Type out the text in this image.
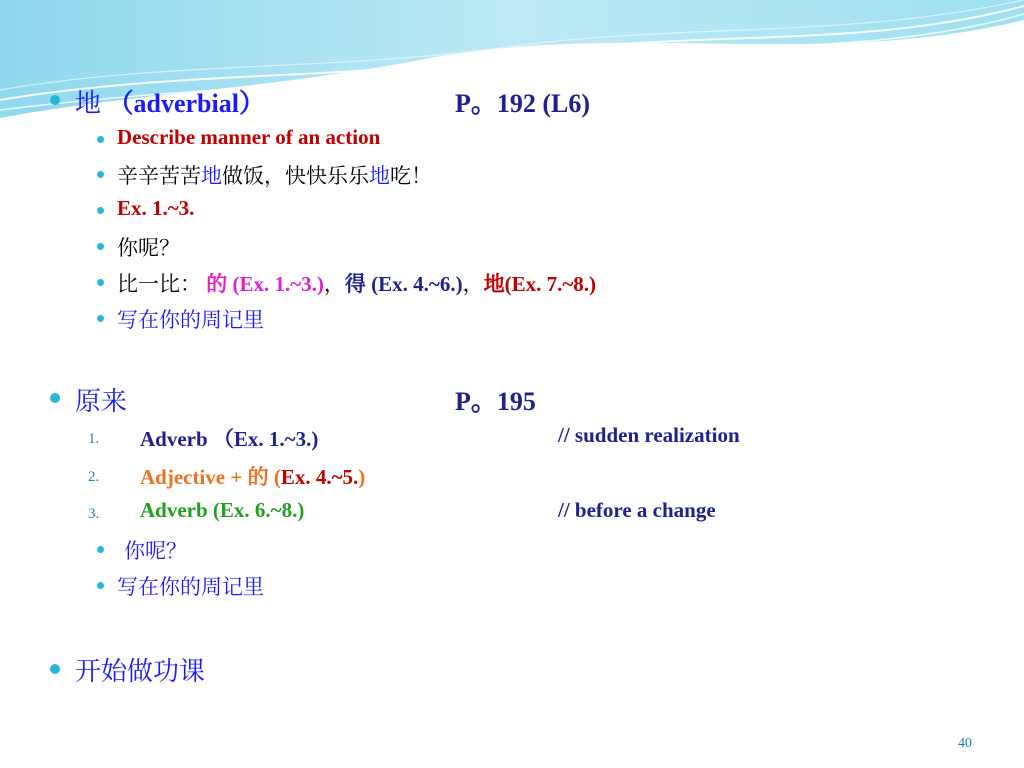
地 （adverbial）	P。192 (L6)
Describe manner of an action
辛辛苦苦地做饭，快快乐乐地吃！
Ex. 1.~3.
你呢？
比一比： 的 (Ex. 1.~3.)，得 (Ex. 4.~6.)，地(Ex. 7.~8.)
写在你的周记里
原来	P。195
1. Adverb （Ex. 1.~3.)	// sudden realization
2. Adjective + 的 (Ex. 4.~5.)
3. Adverb (Ex. 6.~8.)	// before a change
你呢？
写在你的周记里
开始做功课
40
